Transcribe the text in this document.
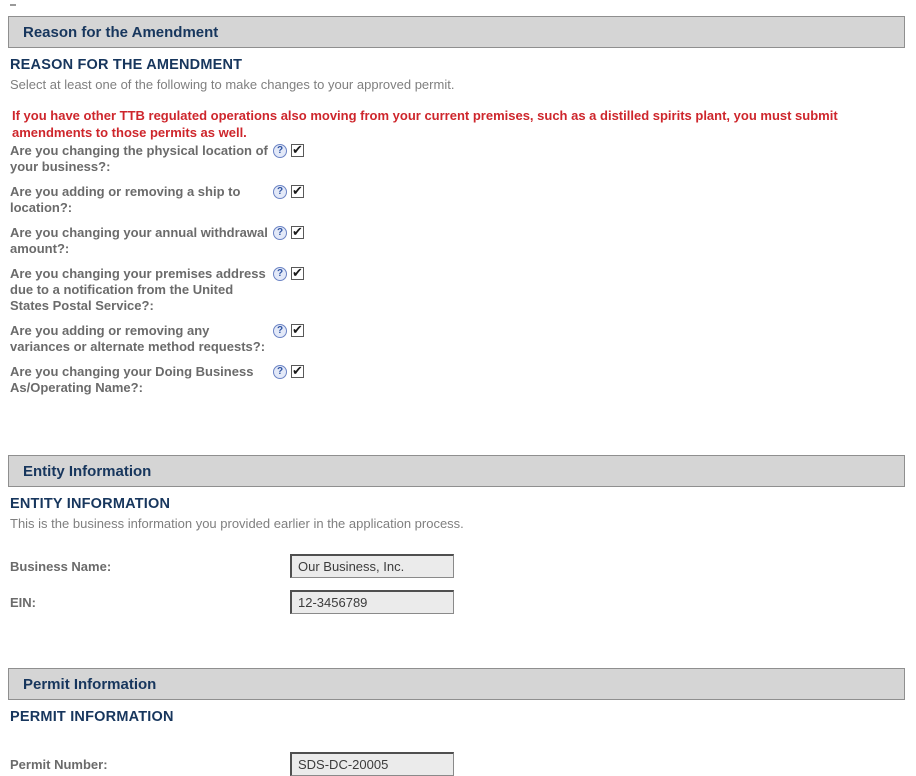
Reason for the Amendment
REASON FOR THE AMENDMENT
Select at least one of the following to make changes to your approved permit.
If you have other TTB regulated operations also moving from your current premises, such as a distilled spirits plant, you must submit amendments to those permits as well.
Are you changing the physical location of your business?:
? ✔
Are you adding or removing a ship to location?:
? ✔
Are you changing your annual withdrawal amount?:
? ✔
Are you changing your premises address due to a notification from the United States Postal Service?:
? ✔
Are you adding or removing any variances or alternate method requests?:
? ✔
Are you changing your Doing Business As/Operating Name?:
? ✔
Entity Information
ENTITY INFORMATION
This is the business information you provided earlier in the application process.
Business Name:
Our Business, Inc.
EIN:
12-3456789
Permit Information
PERMIT INFORMATION
Permit Number:
SDS-DC-20005
